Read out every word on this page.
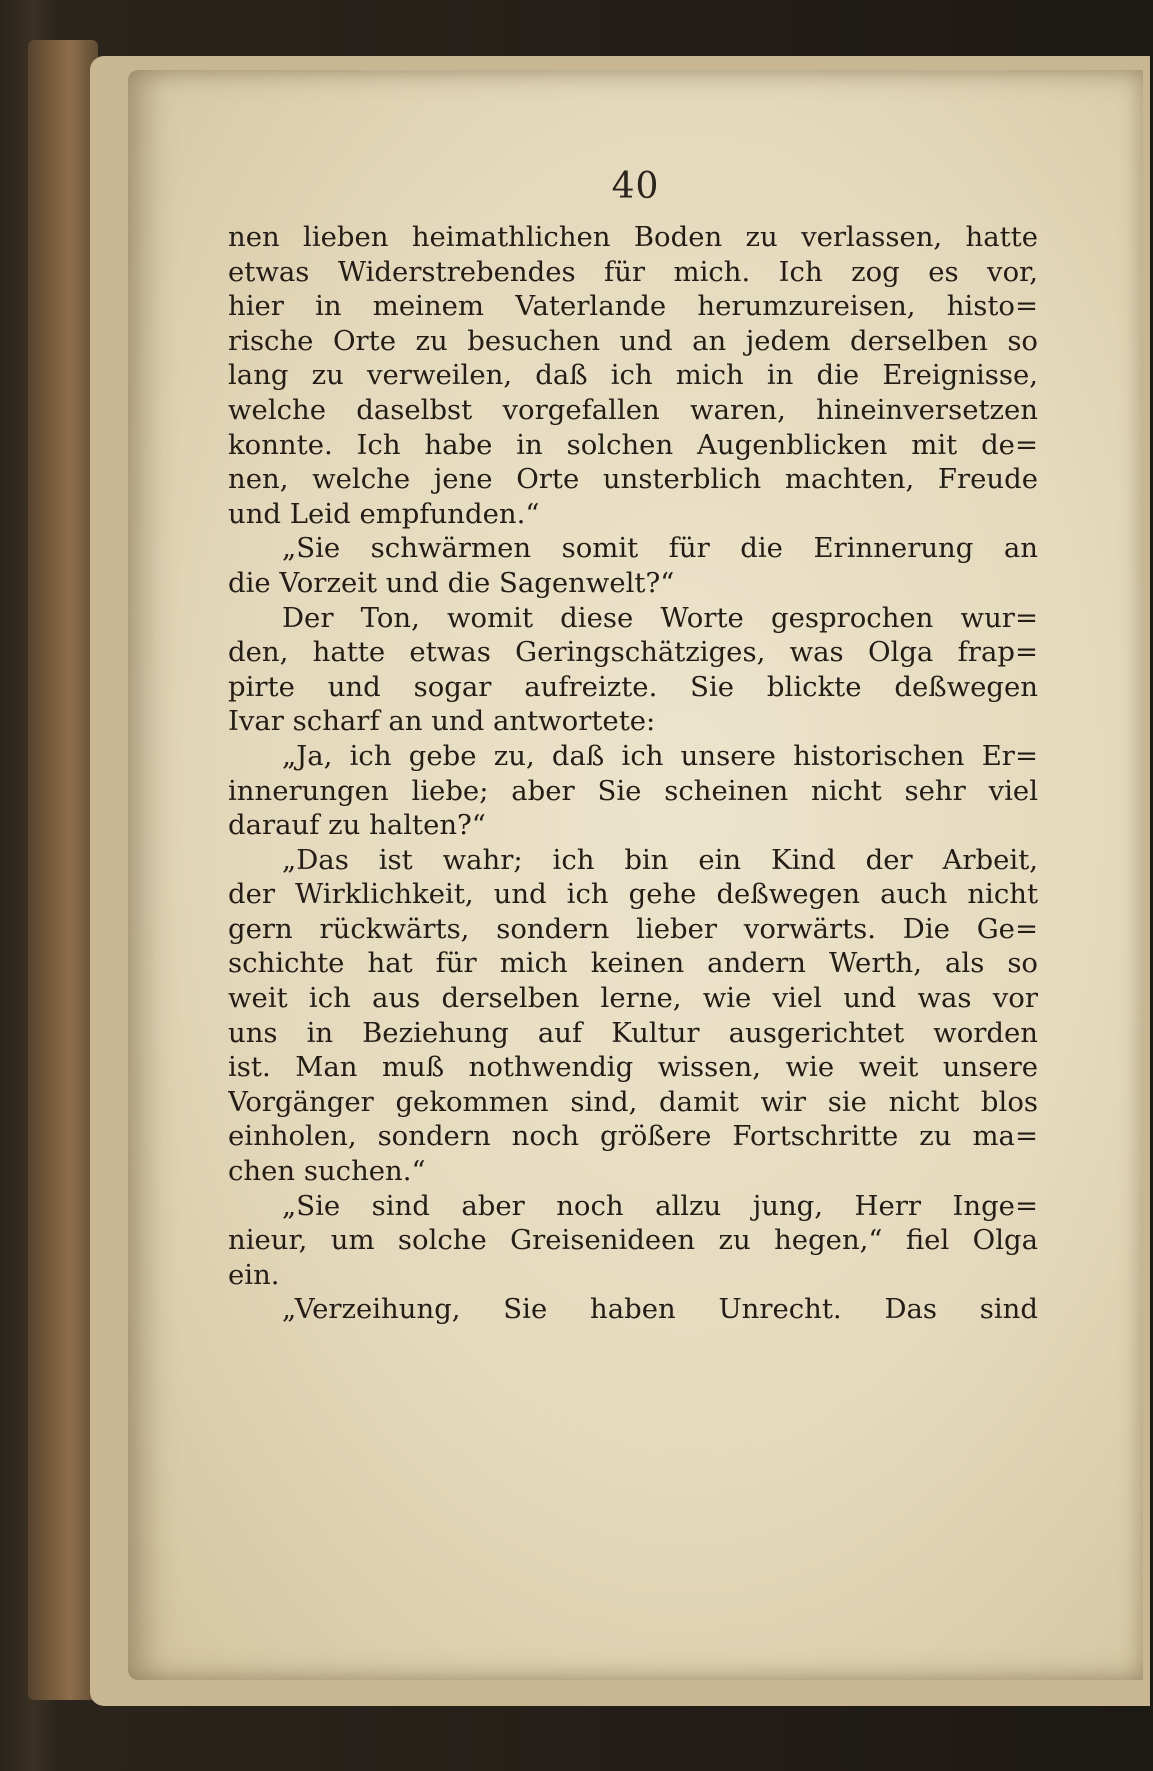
40
nen lieben heimathlichen Boden zu verlassen, hatte
etwas Widerstrebendes für mich. Ich zog es vor,
hier in meinem Vaterlande herumzureisen, histo=
rische Orte zu besuchen und an jedem derselben so
lang zu verweilen, daß ich mich in die Ereignisse,
welche daselbst vorgefallen waren, hineinversetzen
konnte. Ich habe in solchen Augenblicken mit de=
nen, welche jene Orte unsterblich machten, Freude
und Leid empfunden.“
„Sie schwärmen somit für die Erinnerung an
die Vorzeit und die Sagenwelt?“
Der Ton, womit diese Worte gesprochen wur=
den, hatte etwas Geringschätziges, was Olga frap=
pirte und sogar aufreizte. Sie blickte deßwegen
Ivar scharf an und antwortete:
„Ja, ich gebe zu, daß ich unsere historischen Er=
innerungen liebe; aber Sie scheinen nicht sehr viel
darauf zu halten?“
„Das ist wahr; ich bin ein Kind der Arbeit,
der Wirklichkeit, und ich gehe deßwegen auch nicht
gern rückwärts, sondern lieber vorwärts. Die Ge=
schichte hat für mich keinen andern Werth, als so
weit ich aus derselben lerne, wie viel und was vor
uns in Beziehung auf Kultur ausgerichtet worden
ist. Man muß nothwendig wissen, wie weit unsere
Vorgänger gekommen sind, damit wir sie nicht blos
einholen, sondern noch größere Fortschritte zu ma=
chen suchen.“
„Sie sind aber noch allzu jung, Herr Inge=
nieur, um solche Greisenideen zu hegen,“ fiel Olga
ein.
„Verzeihung, Sie haben Unrecht. Das sind
